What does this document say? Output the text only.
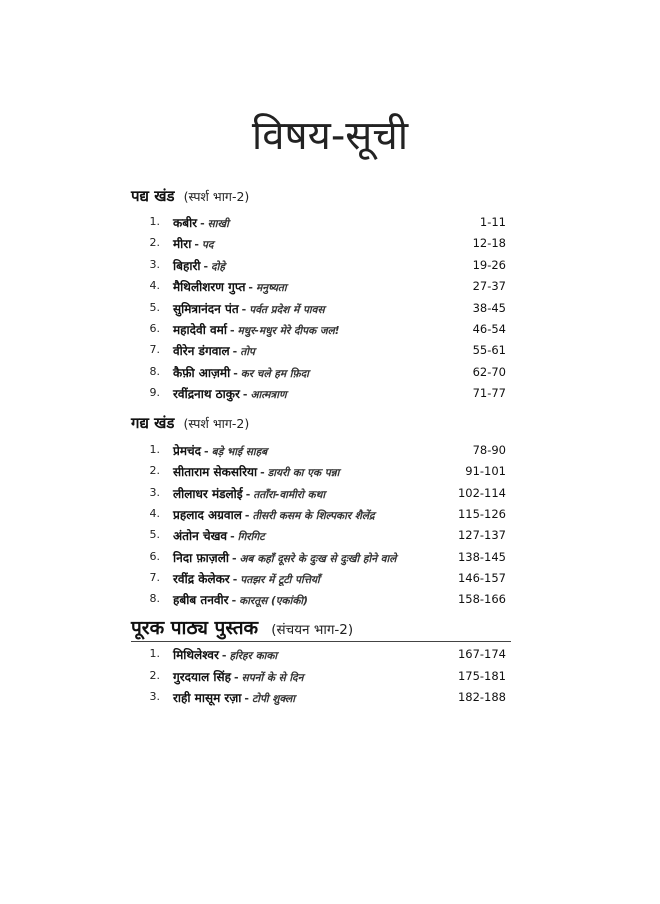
विषय-सूची
पद्य खंड (स्पर्श भाग-2)
1. कबीर - साखी	1-11
2. मीरा - पद	12-18
3. बिहारी - दोहे	19-26
4. मैथिलीशरण गुप्त - मनुष्यता	27-37
5. सुमित्रानंदन पंत - पर्वत प्रदेश में पावस	38-45
6. महादेवी वर्मा - मधुर-मधुर मेरे दीपक जल!	46-54
7. वीरेन डंगवाल - तोप	55-61
8. कैफ़ी आज़मी - कर चले हम फ़िदा	62-70
9. रवींद्रनाथ ठाकुर - आत्मत्राण	71-77
गद्य खंड (स्पर्श भाग-2)
1. प्रेमचंद - बड़े भाई साहब	78-90
2. सीताराम सेकसरिया - डायरी का एक पन्ना	91-101
3. लीलाधर मंडलोई - तताँरा-वामीरो कथा	102-114
4. प्रहलाद अग्रवाल - तीसरी कसम के शिल्पकार शैलेंद्र	115-126
5. अंतोन चेखव - गिरगिट	127-137
6. निदा फ़ाज़ली - अब कहाँ दूसरे के दुःख से दुःखी होने वाले	138-145
7. रवींद्र केलेकर - पतझर में टूटी पत्तियाँ	146-157
8. हबीब तनवीर - कारतूस (एकांकी)	158-166
पूरक पाठ्य पुस्तक (संचयन भाग-2)
1. मिथिलेश्वर - हरिहर काका	167-174
2. गुरदयाल सिंह - सपनों के से दिन	175-181
3. राही मासूम रज़ा - टोपी शुक्ला	182-188
